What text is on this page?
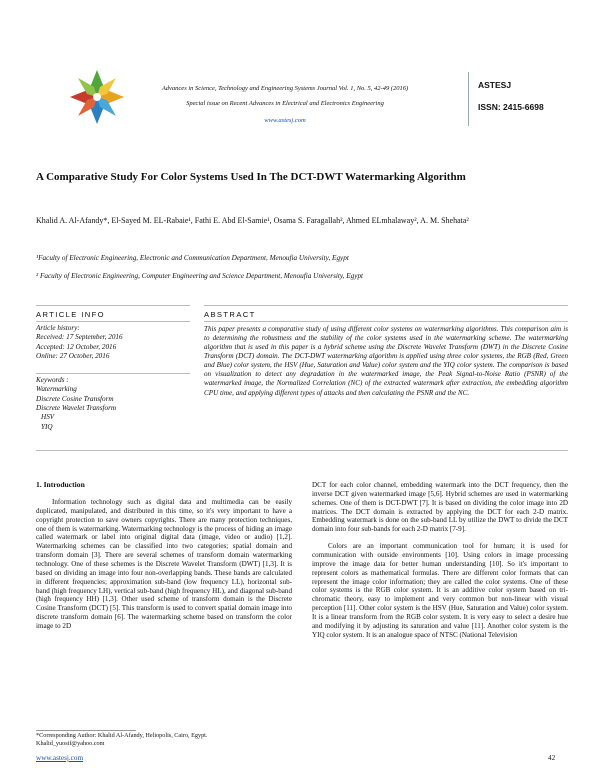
Advances in Science, Technology and Engineering Systems Journal Vol. 1, No. 5, 42-49 (2016)
Special issue on Recent Advances in Electrical and Electronics Engineering
www.astesj.com
ASTESJ
ISSN: 2415-6698
A Comparative Study For Color Systems Used In The DCT-DWT Watermarking Algorithm
Khalid A. Al-Afandy*, El-Sayed M. EL-Rabaie¹, Fathi E. Abd El-Samie¹, Osama S. Faragallah², Ahmed ELmhalaway², A. M. Shehata²
¹Faculty of Electronic Engineering, Electronic and Communication Department, Menoufia University, Egypt
² Faculty of Electronic Engineering, Computer Engineering and Science Department, Menoufia University, Egypt
ARTICLE INFO	ABSTRACT
Article history:
Received: 17 September, 2016
Accepted: 12 October, 2016
Online: 27 October, 2016
Keywords :
Watermarking
Discrete Cosine Transform
Discrete Wavelet Transform
HSV
YIQ
This paper presents a comparative study of using different color systems on watermarking algorithms. This comparison aim is to determining the robustness and the stability of the color systems used in the watermarking scheme. The watermarking algorithm that is used in this paper is a hybrid scheme using the Discrete Wavelet Transform (DWT) in the Discrete Cosine Transform (DCT) domain. The DCT-DWT watermarking algorithm is applied using three color systems, the RGB (Red, Green and Blue) color system, the HSV (Hue, Saturation and Value) color system and the YIQ color system. The comparison is based on visualization to detect any degradation in the watermarked image, the Peak Signal-to-Noise Ratio (PSNR) of the watermarked image, the Normalized Correlation (NC) of the extracted watermark after extraction, the embedding algorithm CPU time, and applying different types of attacks and then calculating the PSNR and the NC.
1. Introduction

Information technology such as digital data and multimedia can be easily duplicated, manipulated, and distributed in this time, so it's very important to have a copyright protection to save owners copyrights. There are many protection techniques, one of them is watermarking. Watermarking technology is the process of hiding an image called watermark or label into original digital data (image, video or audio) [1,2]. Watermarking schemes can be classified into two categories; spatial domain and transform domain [3]. There are several schemes of transform domain watermarking technology. One of these schemes is the Discrete Wavelet Transform (DWT) [1,3]. It is based on dividing an image into four non-overlapping bands. These bands are calculated in different frequencies; approximation sub-band (low frequency LL), horizontal sub-band (high frequency LH), vertical sub-band (high frequency HL), and diagonal sub-band (high frequency HH) [1,3]. Other used scheme of transform domain is the Discrete Cosine Transform (DCT) [5]. This transform is used to convert spatial domain image into discrete transform domain [6]. The watermarking scheme based on transform the color image to 2D

DCT for each color channel, embedding watermark into the DCT frequency, then the inverse DCT given watermarked image [5,6]. Hybrid schemes are used in watermarking schemes. One of them is DCT-DWT [7]. It is based on dividing the color image into 2D matrices. The DCT domain is extracted by applying the DCT for each 2-D matrix. Embedding watermark is done on the sub-band LL by utilize the DWT to divide the DCT domain into four sub-bands for each 2-D matrix [7-9].

Colors are an important communication tool for human; it is used for communication with outside environments [10]. Using colors in image processing improve the image data for better human understanding [10]. So it's important to represent colors as mathematical formulas. There are different color formats that can represent the image color information; they are called the color systems. One of these color systems is the RGB color system. It is an additive color system based on tri-chromatic theory, easy to implement and very common but non-linear with visual perception [11]. Other color system is the HSV (Hue, Saturation and Value) color system. It is a linear transform from the RGB color system. It is very easy to select a desire hue and modifying it by adjusting its saturation and value [11]. Another color system is the YIQ color system. It is an analogue space of NTSC (National Television

*Corresponding Author: Khalid Al-Afandy, Heliopolis, Cairo, Egypt.
Khalid_yuosif@yahoo.com
www.astesj.com	42
